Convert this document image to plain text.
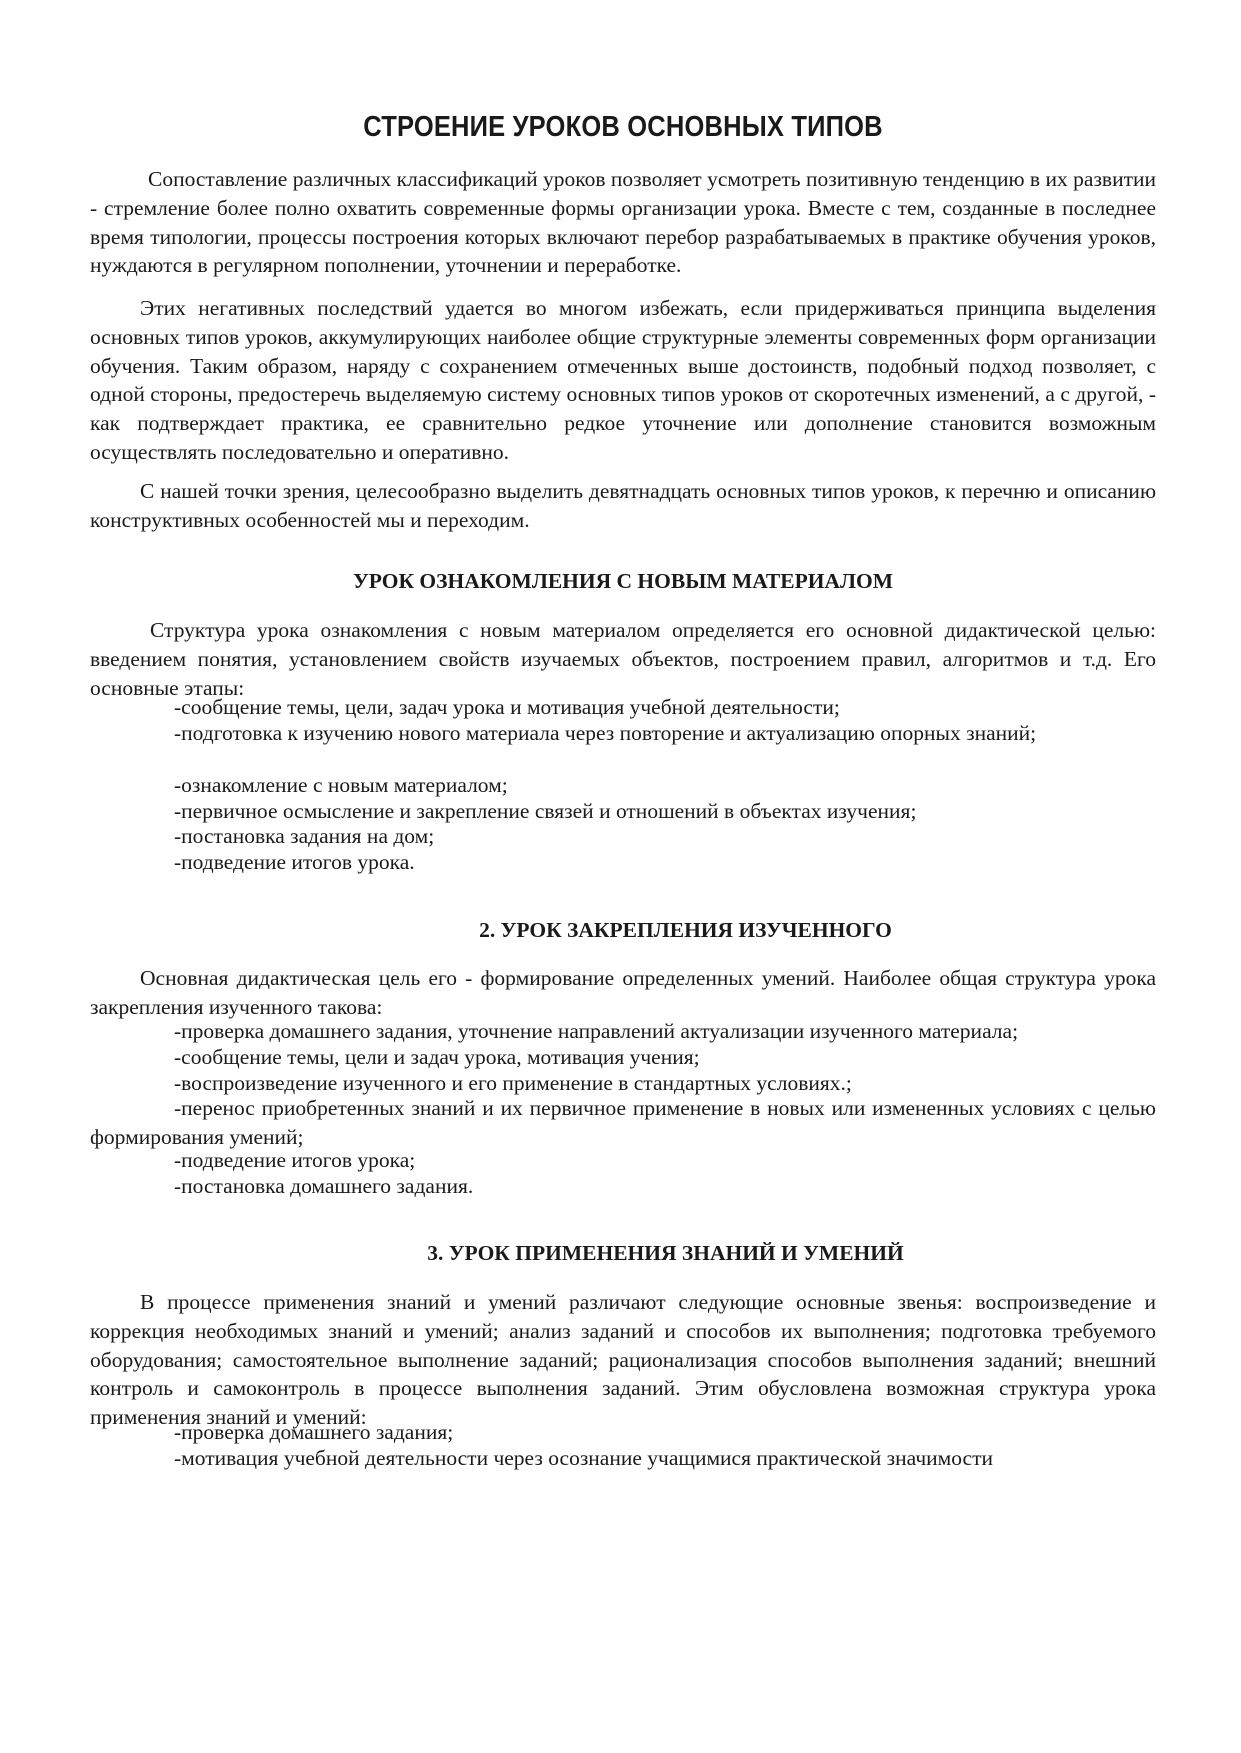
СТРОЕНИЕ УРОКОВ ОСНОВНЫХ ТИПОВ

Сопоставление различных классификаций уроков позволяет усмотреть позитивную тенденцию в их развитии - стремление более полно охватить современные формы организации урока. Вместе с тем, созданные в последнее время типологии, процессы построения которых включают перебор разрабатываемых в практике обучения уроков, нуждаются в регулярном пополнении, уточнении и переработке.

Этих негативных последствий удается во многом избежать, если придерживаться принципа выделения основных типов уроков, аккумулирующих наиболее общие структурные элементы современных форм организации обучения. Таким образом, наряду с сохранением отмеченных выше достоинств, подобный подход позволяет, с одной стороны, предостеречь выделяемую систему основных типов уроков от скоротечных изменений, а с другой, - как подтверждает практика, ее сравнительно редкое уточнение или дополнение становится возможным осуществлять последовательно и оперативно.

С нашей точки зрения, целесообразно выделить девятнадцать основных типов уроков, к перечню и описанию конструктивных особенностей мы и переходим.

УРОК ОЗНАКОМЛЕНИЯ С НОВЫМ МАТЕРИАЛОМ

Структура урока ознакомления с новым материалом определяется его основной дидактической целью: введением понятия, установлением свойств изучаемых объектов, построением правил, алгоритмов и т.д. Его основные этапы:

-сообщение темы, цели, задач урока и мотивация учебной деятельности;

-подготовка к изучению нового материала через повторение и актуализацию опорных знаний;

-ознакомление с новым материалом;

-первичное осмысление и закрепление связей и отношений в объектах изучения;

-постановка задания на дом;

-подведение итогов урока.

2. УРОК ЗАКРЕПЛЕНИЯ ИЗУЧЕННОГО

Основная дидактическая цель его - формирование определенных умений. Наиболее общая структура урока закрепления изученного такова:

-проверка домашнего задания, уточнение направлений актуализации изученного материала;

-сообщение темы, цели и задач урока, мотивация учения;

-воспроизведение изученного и его применение в стандартных условиях.;

-перенос приобретенных знаний и их первичное применение в новых или измененных условиях с целью формирования умений;

-подведение итогов урока;

-постановка домашнего задания.

3. УРОК ПРИМЕНЕНИЯ ЗНАНИЙ И УМЕНИЙ

В процессе применения знаний и умений различают следующие основные звенья: воспроизведение и коррекция необходимых знаний и умений; анализ заданий и способов их выполнения; подготовка требуемого оборудования; самостоятельное выполнение заданий; рационализация способов выполнения заданий; внешний контроль и самоконтроль в процессе выполнения заданий. Этим обусловлена возможная структура урока применения знаний и умений:

-проверка домашнего задания;

-мотивация учебной деятельности через осознание учащимися практической значимости
